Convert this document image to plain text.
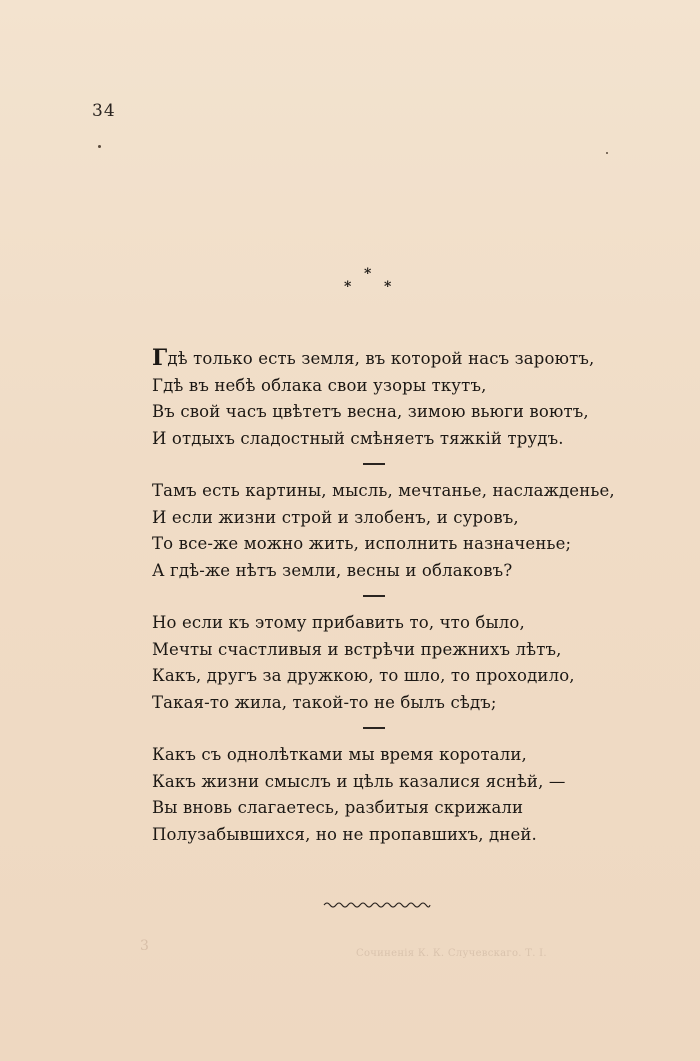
34
*
* *
Гдѣ только есть земля, въ которой насъ зароютъ,
Гдѣ въ небѣ облака свои узоры ткутъ,
Въ свой часъ цвѣтетъ весна, зимою вьюги воютъ,
И отдыхъ сладостный смѣняетъ тяжкій трудъ.
Тамъ есть картины, мысль, мечтанье, наслажденье,
И если жизни строй и злобенъ, и суровъ,
То все-же можно жить, исполнить назначенье;
А гдѣ-же нѣтъ земли, весны и облаковъ?
Но если къ этому прибавить то, что было,
Мечты счастливыя и встрѣчи прежнихъ лѣтъ,
Какъ, другъ за дружкою, то шло, то проходило,
Такая-то жила, такой-то не былъ сѣдъ;
Какъ съ однолѣтками мы время коротали,
Какъ жизни смыслъ и цѣль казалися яснѣй, —
Вы вновь слагаетесь, разбитыя скрижали
Полузабывшихся, но не пропавшихъ, дней.
3	Сочиненія К. К. Случевскаго. Т. I.
